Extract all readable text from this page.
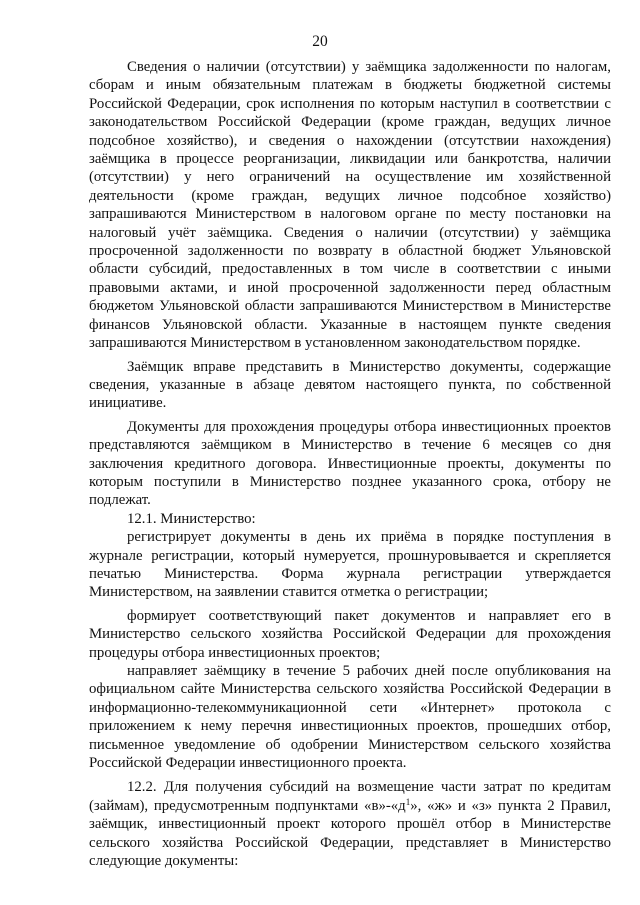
20

Сведения о наличии (отсутствии) у заёмщика задолженности по налогам, сборам и иным обязательным платежам в бюджеты бюджетной системы Российской Федерации, срок исполнения по которым наступил в соответствии с законодательством Российской Федерации (кроме граждан, ведущих личное подсобное хозяйство), и сведения о нахождении (отсутствии нахождения) заёмщика в процессе реорганизации, ликвидации или банкротства, наличии (отсутствии) у него ограничений на осуществление им хозяйственной деятельности (кроме граждан, ведущих личное подсобное хозяйство) запрашиваются Министерством в налоговом органе по месту постановки на налоговый учёт заёмщика. Сведения о наличии (отсутствии) у заёмщика просроченной задолженности по возврату в областной бюджет Ульяновской области субсидий, предоставленных в том числе в соответствии с иными правовыми актами, и иной просроченной задолженности перед областным бюджетом Ульяновской области запрашиваются Министерством в Министерстве финансов Ульяновской области. Указанные в настоящем пункте сведения запрашиваются Министерством в установленном законодательством порядке.

Заёмщик вправе представить в Министерство документы, содержащие сведения, указанные в абзаце девятом настоящего пункта, по собственной инициативе.

Документы для прохождения процедуры отбора инвестиционных проектов представляются заёмщиком в Министерство в течение 6 месяцев со дня заключения кредитного договора. Инвестиционные проекты, документы по которым поступили в Министерство позднее указанного срока, отбору не подлежат.

12.1. Министерство:

регистрирует документы в день их приёма в порядке поступления в журнале регистрации, который нумеруется, прошнуровывается и скрепляется печатью Министерства. Форма журнала регистрации утверждается Министерством, на заявлении ставится отметка о регистрации;

формирует соответствующий пакет документов и направляет его в Министерство сельского хозяйства Российской Федерации для прохождения процедуры отбора инвестиционных проектов;

направляет заёмщику в течение 5 рабочих дней после опубликования на официальном сайте Министерства сельского хозяйства Российской Федерации в информационно-телекоммуникационной сети «Интернет» протокола с приложением к нему перечня инвестиционных проектов, прошедших отбор, письменное уведомление об одобрении Министерством сельского хозяйства Российской Федерации инвестиционного проекта.

12.2. Для получения субсидий на возмещение части затрат по кредитам (займам), предусмотренным подпунктами «$в»-«д^1$», «ж» и «з» пункта 2 Правил, заёмщик, инвестиционный проект которого прошёл отбор в Министерстве сельского хозяйства Российской Федерации, представляет в Министерство следующие документы:
